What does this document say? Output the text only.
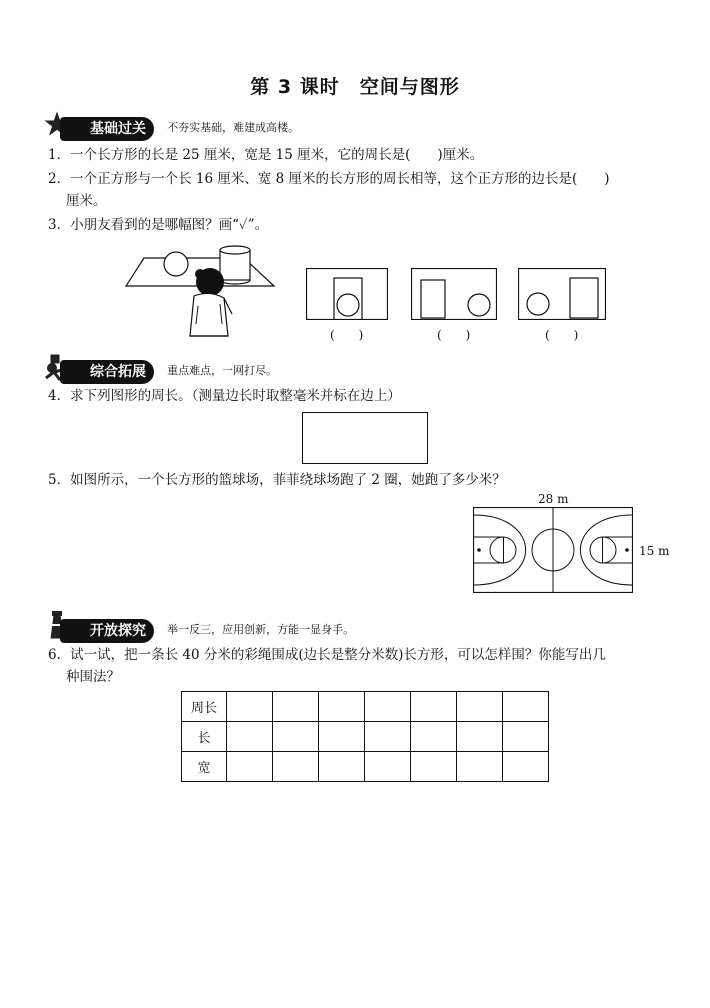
第 3 课时　空间与图形
基础过关 不夯实基础，难建成高楼。
1．一个长方形的长是 25 厘米，宽是 15 厘米，它的周长是(　　)厘米。
2．一个正方形与一个长 16 厘米、宽 8 厘米的长方形的周长相等，这个正方形的边长是(　　)
厘米。
3．小朋友看到的是哪幅图？画“✓”。
(　　)	(　　)	(　　)
综合拓展 重点难点，一网打尽。
4．求下列图形的周长。（测量边长时取整毫米并标在边上）
5．如图所示，一个长方形的篮球场，菲菲绕球场跑了 2 圈，她跑了多少米？
28 m
15 m
开放探究 举一反三，应用创新，方能一显身手。
6．试一试，把一条长 40 分米的彩绳围成(边长是整分米数)长方形，可以怎样围？你能写出几
种围法？
周长							
长							
宽							
